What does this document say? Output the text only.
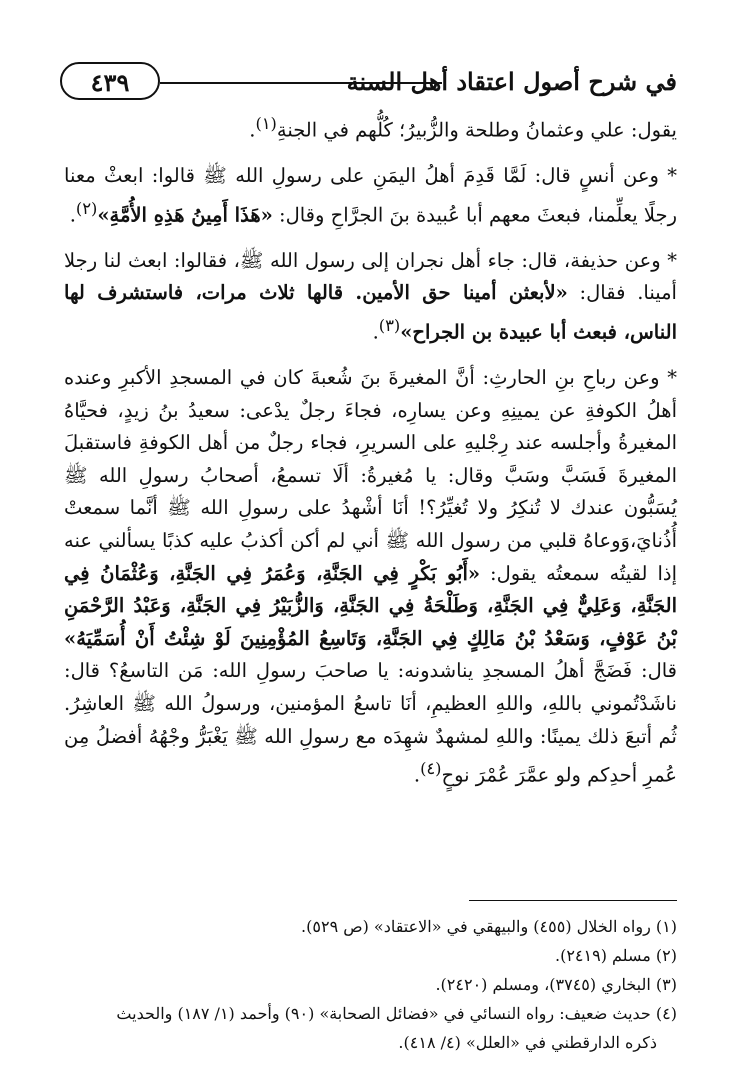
٤٣٩	في شرح أصول اعتقاد أهل السنة

يقول: علي وعثمانُ وطلحة والزُّبيرُ؛ كُلُّهم في الجنةِ$^{(١)}$.

* وعن أنسٍ قال: لَمَّا قَدِمَ أهلُ اليمَنِ على رسولِ الله ﷺ قالوا: ابعثْ معنا رجلًا يعلِّمنا، فبعثَ معهم أبا عُبيدة بنَ الجرَّاحِ وقال: «هَذَا أَمِينُ هَذِهِ الأُمَّةِ»$^{(٢)}$.

* وعن حذيفة، قال: جاء أهل نجران إلى رسول الله ﷺ، فقالوا: ابعث لنا رجلا أمينا. فقال: «لأبعثن أمينا حق الأمين. قالها ثلاث مرات، فاستشرف لها الناس، فبعث أبا عبيدة بن الجراح»$^{(٣)}$.

* وعن رباحِ بنِ الحارثِ: أنَّ المغيرةَ بنَ شُعبةَ كان في المسجدِ الأكبرِ وعنده أهلُ الكوفةِ عن يمينِهِ وعن يسارِه، فجاءَ رجلٌ يدْعى: سعيدُ بنُ زيدٍ، فحيَّاهُ المغيرةُ وأجلسه عند رِجْليهِ على السريرِ، فجاء رجلٌ من أهل الكوفةِ فاستقبلَ المغيرةَ فَسَبَّ وسَبَّ وقال: يا مُغيرةُ: ألَا تسمعُ، أصحابُ رسولِ الله ﷺ يُسَبُّون عندك لا تُنكِرُ ولا تُغيِّرُ؟! أنَا أشْهدُ على رسولِ الله ﷺ أنَّما سمعتْ أُذُنايَ،وَوعاهُ قلبي من رسول الله ﷺ أني لم أكن أكذبُ عليه كذبًا يسألني عنه إذا لقيتُه سمعتُه يقول: «أَبُو بَكْرٍ فِي الجَنَّةِ، وَعُمَرُ فِي الجَنَّةِ، وَعُثْمَانُ فِي الجَنَّةِ، وَعَلِيٌّ فِي الجَنَّةِ، وَطَلْحَةُ فِي الجَنَّةِ، وَالزُّبَيْرُ فِي الجَنَّةِ، وَعَبْدُ الرَّحْمَنِ بْنُ عَوْفٍ، وَسَعْدُ بْنُ مَالِكٍ فِي الجَنَّةِ، وَتَاسِعُ المُؤْمِنِينَ لَوْ شِئْتُ أَنْ أُسَمِّيَهُ» قال: فَضَجَّ أهلُ المسجدِ يناشدونه: يا صاحبَ رسولِ الله: مَن التاسعُ؟ قال: ناشَدْتُموني باللهِ، واللهِ العظيمِ، أنَا تاسعُ المؤمنين، ورسولُ الله ﷺ العاشِرُ. ثُم أتبعَ ذلك يمينًا: واللهِ لمشهدٌ شهِدَه مع رسولِ الله ﷺ يَغْبَرُّ وجْهُهُ أفضلُ مِن عُمرِ أحدِكم ولو عمَّرَ عُمْرَ نوحٍ$^{(٤)}$.

(١) رواه الخلال (٤٥٥) والبيهقي في «الاعتقاد» (ص ٥٢٩).

(٢) مسلم (٢٤١٩).

(٣) البخاري (٣٧٤٥)، ومسلم (٢٤٢٠).

(٤) حديث ضعيف: رواه النسائي في «فضائل الصحابة» (٩٠) وأحمد (١/ ١٨٧) والحديث

ذكره الدارقطني في «العلل» (٤/ ٤١٨).
